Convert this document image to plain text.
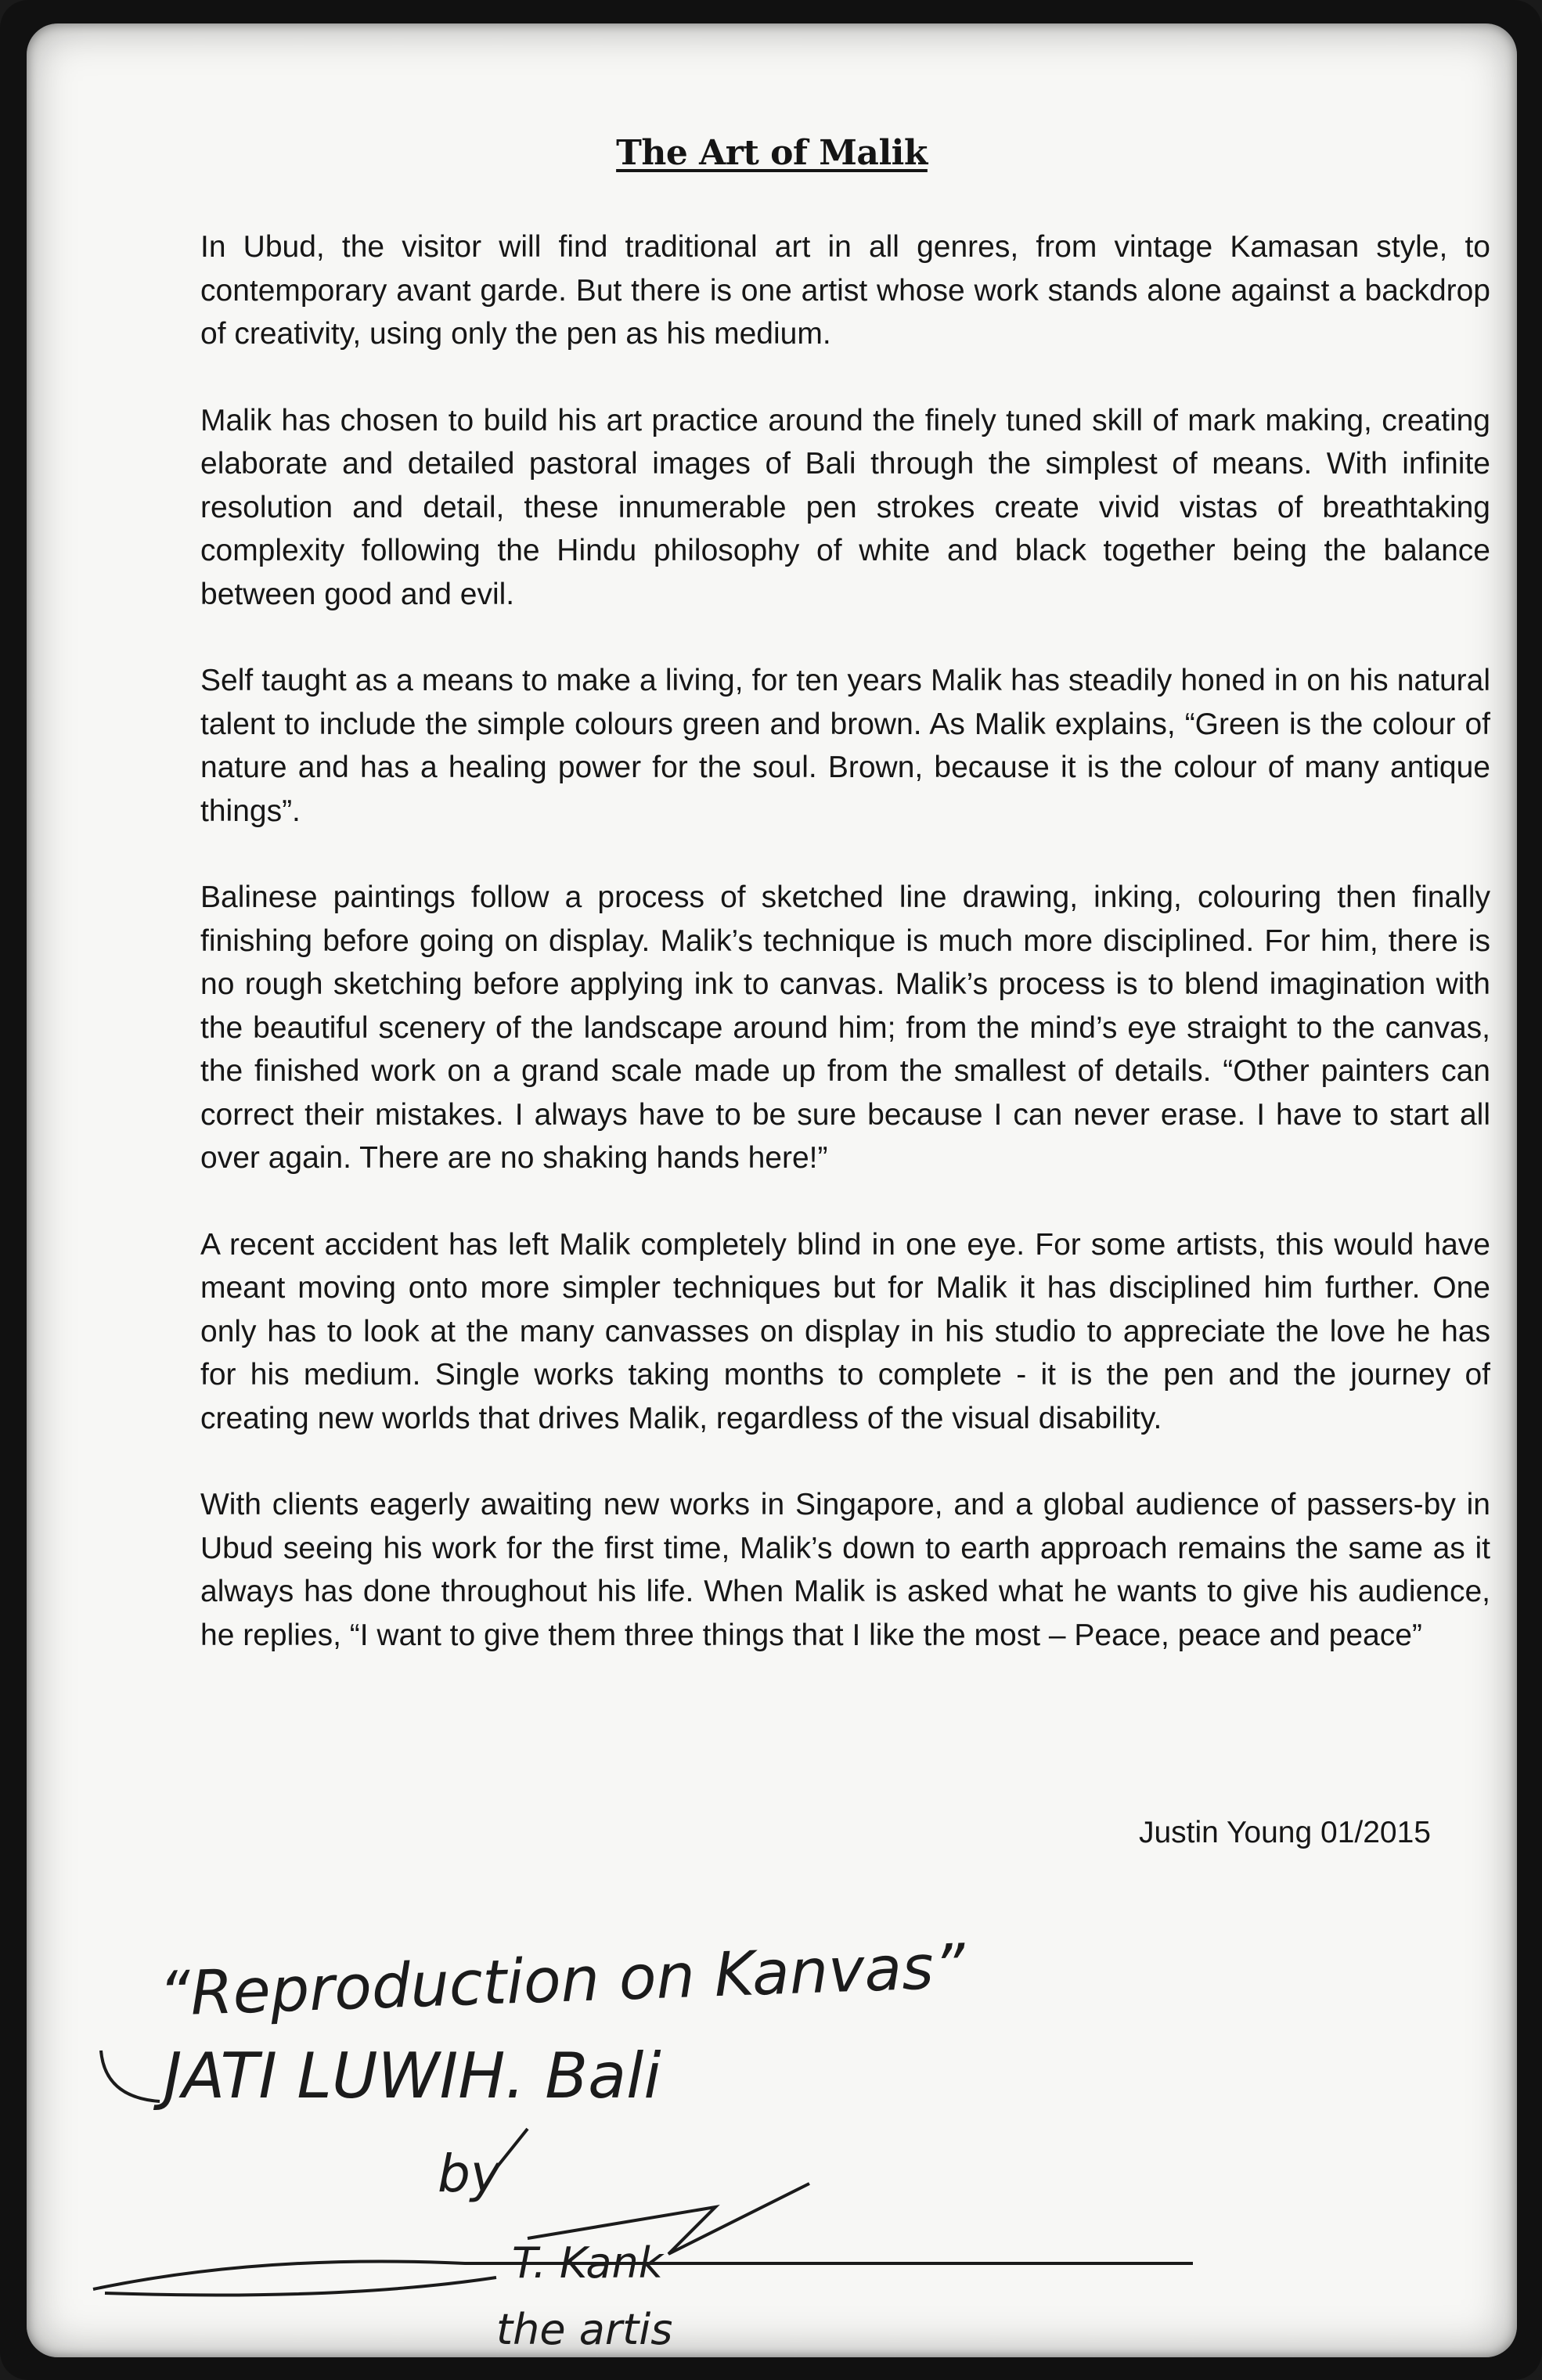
The Art of Malik

In Ubud, the visitor will find traditional art in all genres, from vintage Kamasan style, to contemporary avant garde. But there is one artist whose work stands alone against a backdrop of creativity, using only the pen as his medium.

Malik has chosen to build his art practice around the finely tuned skill of mark making, creating elaborate and detailed pastoral images of Bali through the simplest of means. With infinite resolution and detail, these innumerable pen strokes create vivid vistas of breathtaking complexity following the Hindu philosophy of white and black together being the balance between good and evil.

Self taught as a means to make a living, for ten years Malik has steadily honed in on his natural talent to include the simple colours green and brown. As Malik explains, “Green is the colour of nature and has a healing power for the soul. Brown, because it is the colour of many antique things”.

Balinese paintings follow a process of sketched line drawing, inking, colouring then finally finishing before going on display. Malik’s technique is much more disciplined. For him, there is no rough sketching before applying ink to canvas. Malik’s process is to blend imagination with the beautiful scenery of the landscape around him; from the mind’s eye straight to the canvas, the finished work on a grand scale made up from the smallest of details. “Other painters can correct their mistakes. I always have to be sure because I can never erase. I have to start all over again. There are no shaking hands here!”

A recent accident has left Malik completely blind in one eye. For some artists, this would have meant moving onto more simpler techniques but for Malik it has disciplined him further. One only has to look at the many canvasses on display in his studio to appreciate the love he has for his medium. Single works taking months to complete - it is the pen and the journey of creating new worlds that drives Malik, regardless of the visual disability.

With clients eagerly awaiting new works in Singapore, and a global audience of passers-by in Ubud seeing his work for the first time, Malik’s down to earth approach remains the same as it always has done throughout his life. When Malik is asked what he wants to give his audience, he replies, “I want to give them three things that I like the most – Peace, peace and peace”

Justin Young 01/2015
“Reproduction on Kanvas”
JATI LUWIH. Bali
by
T. Kank
the artis
